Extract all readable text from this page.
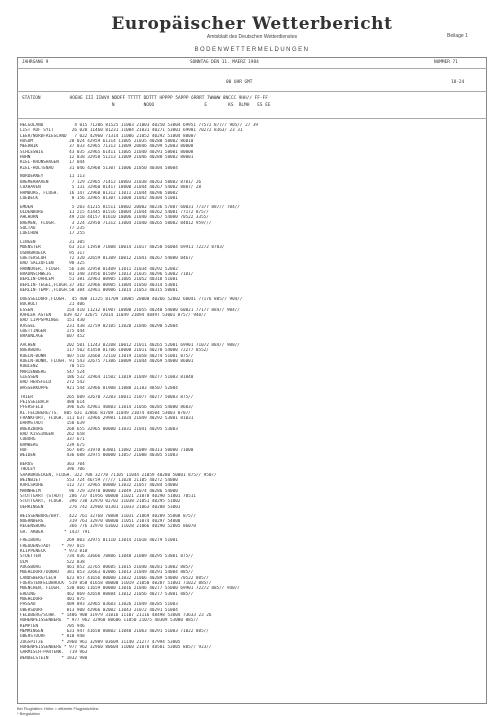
Europäischer Wetterbericht
Amtsblatt des Deutschen Wetterdienstes	Beilage 1
BODENWETTERMELDUNGEN
JAHRGANG 9	SONNTAG DEN 11. MAERZ 1984	NUMMER 71
00 UHR GMT	18-24
STATION           HOEHE III IIWVV NDDFF TTTTT DDTTT HPPPP 5APPP 6RRRT 7WWWW 8NCCC 9HH// FF-FF
N           NOOO                   E        KS  RLMH   ES EE
HELGOLAND            4 015 71206 81525 11003 21003 40250 53004 69951 77572 877// 905// 27 39
LIST AUF SYLT       26 020 11460 81231 11004 21031 40271 53001 69901 70272 8363/ 23 31
LEER/NORDFRIESLAND   7 022 42960 71314 11006 21052 40292 51004 80007
HUSUM              28 024 42959 61314 11005 21035 40280 58002 86010
MEERWIK            37 033 42965 71313 11009 20046 40299 52003 80008
SCHLESWIG          43 035 32965 61411 11005 21040 40291 58001 80008
HOHN               12 038 32958 51213 11009 21046 40288 58002 80001
KIEL-KRONSHAGEN    17 044
KIEL-HOLTENAU      31 046 42960 51307 11006 21050 40304 58004
NORDERNEY          11 113
BREMERHAVEN         7 129 22965 71412 10003 21038 40263 58002 8701/ 26
CUXHAVEN            5 131 32960 81417 10000 21044 40267 54002 8807/ 28
HAMBURG, FLUGH.    16 147 22960 01312 11011 21044 40296 58002
LUEBECK             8 156 32965 81307 11008 21042 40304 51001
EMDEN               5 203 41215 81511 10002 20002 40236 57007 60031 77377 887// 704//
OLDENBURG          11 215 41445 81516 10004 21044 40262 54001 77172 875//
AHLHORN            49 218 44157 81610 10006 21040 40267 54000 70522 3355/
BREMEN, FLUGH.      3 224 32958 71312 11004 21040 40265 58002 84012 959///
SOLTAU             77 235
LUECHOW            17 255
LINGEN             31 305
MUENSTER           63 313 11958 71808 10014 21017 40258 56004 69911 72272 8703/
OSNABRUECK         95 317
GUETERSLOH         72 320 32659 81309 10012 21041 40267 54000 8467/
BAD SALZUFLEN      98 325
HANNOVER, FLUGH.   56 338 32958 01409 11011 21034 40292 52002
BRAUNSCHWEIG       81 348 31956 01509 11013 21035 40296 53002 7101/
BERLIN-DAHLEM      51 381 32963 00905 11005 21052 40318 51001
BERLIN-TEGEL,FLUGH.37 382 32966 00905 11004 21050 40314 53001
BERLIN-TEMP.,FLUGH.50 384 32961 00906 11014 21053 40315 50001
DUESSELDORF,FLUGH.  45 400 11225 81709 10005 20000 40266 52002 60041 77176 885// 904//
BOCHOLT            21 406
ESSEN             154 410 11212 81907 10000 21055 40240 54000 60021 77177 884// 904//
KAHLER ASTEN     839 427 32675 72014 11049 21094 48497 53001 875// 940//
BAD LIPPSPRINGE   151 430
KASSEL            231 438 32759 02105 11020 21046 40290 52004
GOETTINGEN        175 444
BRAUNLAGE         607 452
AACHEN            202 501 11243 82208 10012 21011 40265 52001 69901 71072 884// 908//
NUERBURG          117 502 41458 81706 10008 21011 40270 54000 72277 8552/
KOELN-BONN        407 510 32660 72110 11019 21058 40274 51001 875//
KOELN-BONN, FLUGH. 91 543 32675 71306 10009 21044 40269 54000 86001
KOBLENZ            70 515
MARIENBERG        547 524
GIESSEN           186 532 32964 11502 11019 21049 40277 51003 81040
BAD HERSFELD      272 542
WASSERKUPPE       921 544 32966 01908 11080 21103 48507 52004
TRIER             265 609 32670 72203 10011 21077 40277 50003 875//
PEISSELBACH       480 614
PFERSFELD         396 626 42961 40803 11014 21056 40285 54000 8603/
KL.FELDBERG/TS.  805 631 32866 81709 11049 21074 48504 53003 8707/
FRANKFURT, FLUGH. 111 637 32966 29901 11034 21049 40292 53001 81031
DARMSTADT         158 639
WUERZBURG         268 655 32965 00000 11031 21041 40295 53003
BAD KISSINGEN     262 658
COBURG            337 671
BAMBERG           239 675
HOF               567 685 31978 03001 11082 21089 40313 50000 71000
WEIDEN            436 688 32975 00000 11057 21088 40305 51003
BERUS             363 704
THOLEY            396 706
SAARBRUECKEN, FLUGH. 322 708 32770 71105 11044 21059 40280 50001 875// 950//
WEINBIET          553 724 46/59 ///// 11028 21105 40272 54000
KARLSRUHE         112 727 32965 00000 11032 21057 40284 54000
MANNHEIM           96 729 32970 00000 11049 21074 40286 54000
STUTTGART (STADT)  286 737 41956 00000 11021 21070 40290 51001 70511
STUTTGART, FLUGH.  396 738 32970 02702 11038 21051 40295 51002
OEHRINGEN          276 742 32960 01301 11033 21063 40288 53001
WEISSENBURG/BAY.   422 761 32768 70008 11031 21069 40289 55000 875//
NUERNBERG          319 763 32970 00000 11051 21074 40297 54000
REGENSBURG         366 776 32970 63602 11028 21066 40290 52005 86070
GR. ARBER        * 1437 791
FREIBURG          269 803 32975 01110 11014 21018 40279 51001
FREUDENSTADT    * 797 815
KLIPPENECK       * 973 818
STOETTEN          734 836 33666 70806 11048 21089 40295 53001 875//
ULM               522 838
AUGSBURG          461 852 32765 80605 11015 21040 40281 53002 885//
MUEHLDORF/DONAU   381 853 32663 02006 11013 21049 40291 54004 885//
LANDSBERG/LECH    623 857 41656 80000 11032 21066 40289 54000 70522 885//
FUERSTENFELDBRUCK  519 858 41658 80000 11019 21050 40287 51001 71022 885//
MUENCHEN, FLUGH.  530 866 11659 80000 11016 21046 40277 55000 69901 72272 885// 940//
ERDING            462 869 42658 80804 11012 21056 40277 53001 885//
MUEHLDORF         401 875
PASSAU            409 893 32965 03603 11026 21049 40285 51003
OBERSDORF         813 900 42966 02002 11043 21072 40291 51004
FELDBERG/SCHW.  * 1486 908 31979 31016 11107 21116 48498 53004 73633 23 26
HOHENPEISSENBERG  * 977 962 32960 80606 11050 21075 40309 53000 885//
KEMPTEN           705 946
MEMMINGEN         631 947 41650 80802 11040 21063 40291 51003 71022 885//
OBERSTDORF      * 810 948
ZUGSPITZE       * 2960 961 32989 03609 11140 21277 47994 53005
HOHENPEISSENBERG * 977 962 32960 80604 11060 21078 48501 53005 885// 923//
GARMISCH-PARTENK.  719 963
WENDELSTEIN     * 1832 980
Bei Flughäfen: Höhe = offizielle Flugplatzhöhe
* Bergstation
